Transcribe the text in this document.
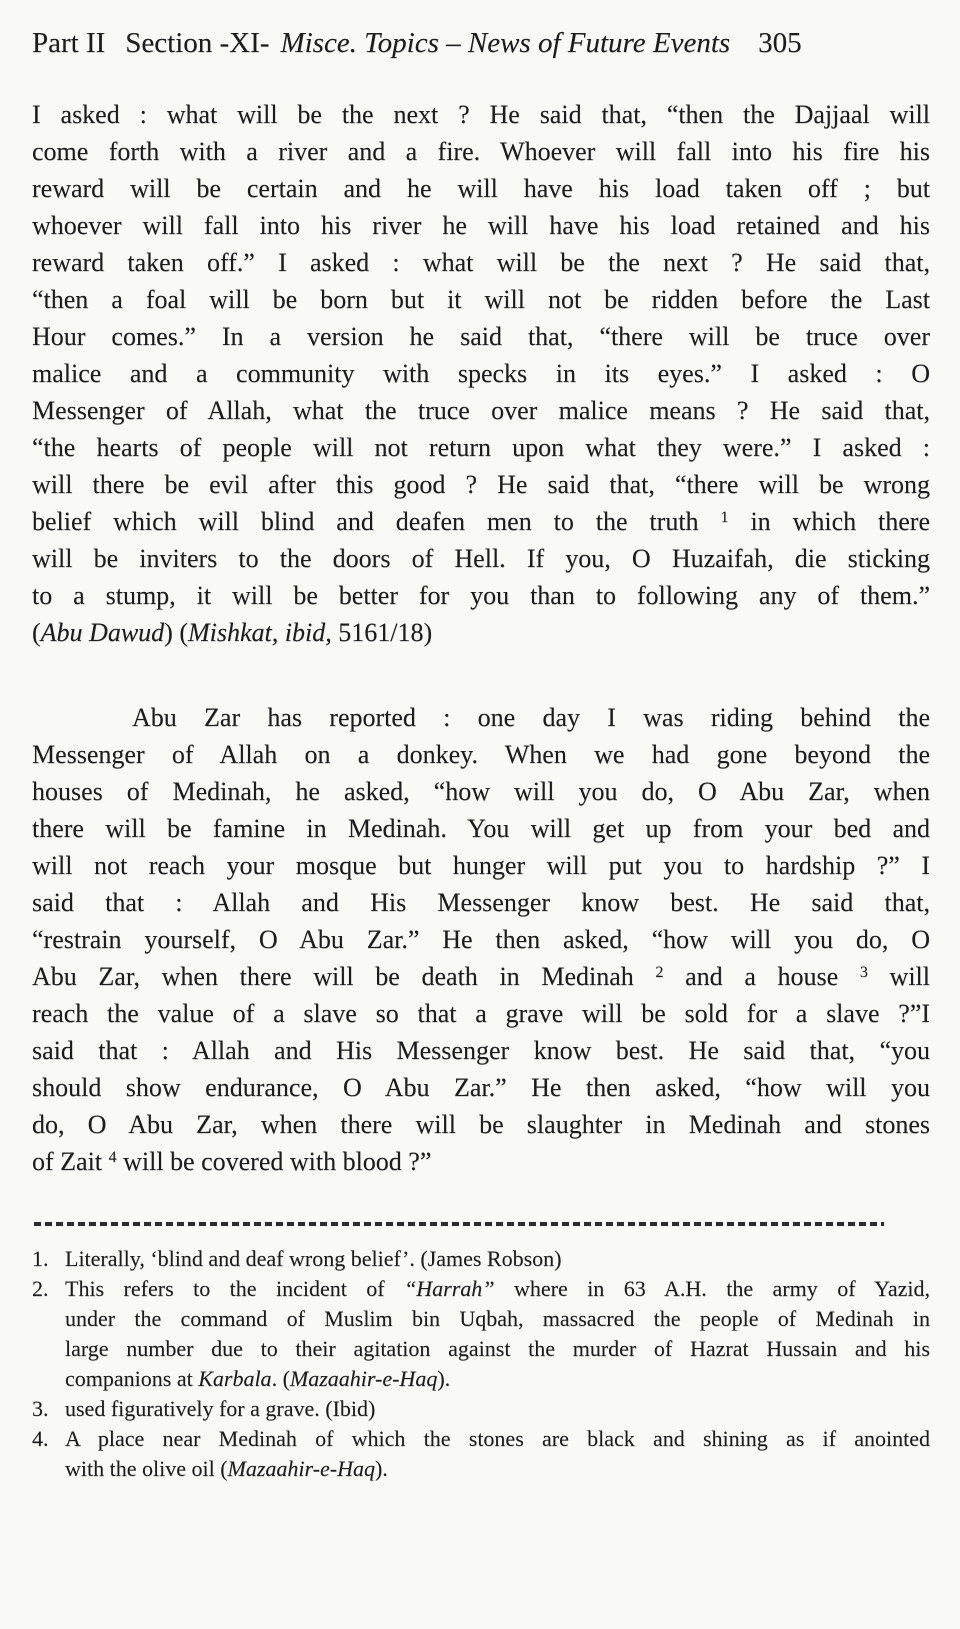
Part II Section -XI- Misce. Topics – News of Future Events 305
I asked : what will be the next ? He said that, “then the Dajjaal will
come forth with a river and a fire. Whoever will fall into his fire his
reward will be certain and he will have his load taken off ; but
whoever will fall into his river he will have his load retained and his
reward taken off.” I asked : what will be the next ? He said that,
“then a foal will be born but it will not be ridden before the Last
Hour comes.” In a version he said that, “there will be truce over
malice and a community with specks in its eyes.” I asked : O
Messenger of Allah, what the truce over malice means ? He said that,
“the hearts of people will not return upon what they were.” I asked :
will there be evil after this good ? He said that, “there will be wrong
belief which will blind and deafen men to the truth $^1$ in which there
will be inviters to the doors of Hell. If you, O Huzaifah, die sticking
to a stump, it will be better for you than to following any of them.”
(Abu Dawud) (Mishkat, ibid, 5161/18)
Abu Zar has reported : one day I was riding behind the
Messenger of Allah on a donkey. When we had gone beyond the
houses of Medinah, he asked, “how will you do, O Abu Zar, when
there will be famine in Medinah. You will get up from your bed and
will not reach your mosque but hunger will put you to hardship ?” I
said that : Allah and His Messenger know best. He said that,
“restrain yourself, O Abu Zar.” He then asked, “how will you do, O
Abu Zar, when there will be death in Medinah $^2$ and a house $^3$ will
reach the value of a slave so that a grave will be sold for a slave ?”I
said that : Allah and His Messenger know best. He said that, “you
should show endurance, O Abu Zar.” He then asked, “how will you
do, O Abu Zar, when there will be slaughter in Medinah and stones
of Zait $^4$ will be covered with blood ?”
1. Literally, ‘blind and deaf wrong belief’. (James Robson)
2. This refers to the incident of “Harrah” where in 63 A.H. the army of Yazid,
under the command of Muslim bin Uqbah, massacred the people of Medinah in
large number due to their agitation against the murder of Hazrat Hussain and his
companions at Karbala. (Mazaahir-e-Haq).
3. used figuratively for a grave. (Ibid)
4. A place near Medinah of which the stones are black and shining as if anointed
with the olive oil (Mazaahir-e-Haq).
